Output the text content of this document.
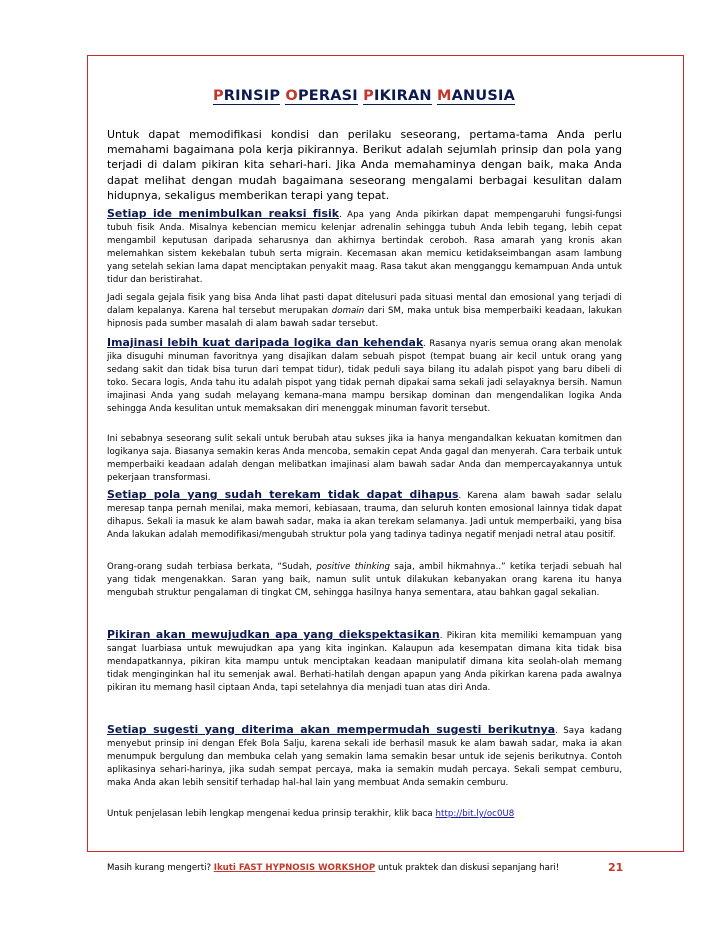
PRINSIP OPERASI PIKIRAN MANUSIA
Untuk dapat memodifikasi kondisi dan perilaku seseorang, pertama-tama Anda perlu memahami bagaimana pola kerja pikirannya. Berikut adalah sejumlah prinsip dan pola yang terjadi di dalam pikiran kita sehari-hari. Jika Anda memahaminya dengan baik, maka Anda dapat melihat dengan mudah bagaimana seseorang mengalami berbagai kesulitan dalam hidupnya, sekaligus memberikan terapi yang tepat.
Setiap ide menimbulkan reaksi fisik. Apa yang Anda pikirkan dapat mempengaruhi fungsi-fungsi tubuh fisik Anda. Misalnya kebencian memicu kelenjar adrenalin sehingga tubuh Anda lebih tegang, lebih cepat mengambil keputusan daripada seharusnya dan akhirnya bertindak ceroboh. Rasa amarah yang kronis akan melemahkan sistem kekebalan tubuh serta migrain. Kecemasan akan memicu ketidakseimbangan asam lambung yang setelah sekian lama dapat menciptakan penyakit maag. Rasa takut akan mengganggu kemampuan Anda untuk tidur dan beristirahat.
Jadi segala gejala fisik yang bisa Anda lihat pasti dapat ditelusuri pada situasi mental dan emosional yang terjadi di dalam kepalanya. Karena hal tersebut merupakan domain dari SM, maka untuk bisa memperbaiki keadaan, lakukan hipnosis pada sumber masalah di alam bawah sadar tersebut.
Imajinasi lebih kuat daripada logika dan kehendak. Rasanya nyaris semua orang akan menolak jika disuguhi minuman favoritnya yang disajikan dalam sebuah pispot (tempat buang air kecil untuk orang yang sedang sakit dan tidak bisa turun dari tempat tidur), tidak peduli saya bilang itu adalah pispot yang baru dibeli di toko. Secara logis, Anda tahu itu adalah pispot yang tidak pernah dipakai sama sekali jadi selayaknya bersih. Namun imajinasi Anda yang sudah melayang kemana-mana mampu bersikap dominan dan mengendalikan logika Anda sehingga Anda kesulitan untuk memaksakan diri menenggak minuman favorit tersebut.
Ini sebabnya seseorang sulit sekali untuk berubah atau sukses jika ia hanya mengandalkan kekuatan komitmen dan logikanya saja. Biasanya semakin keras Anda mencoba, semakin cepat Anda gagal dan menyerah. Cara terbaik untuk memperbaiki keadaan adalah dengan melibatkan imajinasi alam bawah sadar Anda dan mempercayakannya untuk pekerjaan transformasi.
Setiap pola yang sudah terekam tidak dapat dihapus. Karena alam bawah sadar selalu meresap tanpa pernah menilai, maka memori, kebiasaan, trauma, dan seluruh konten emosional lainnya tidak dapat dihapus. Sekali ia masuk ke alam bawah sadar, maka ia akan terekam selamanya. Jadi untuk memperbaiki, yang bisa Anda lakukan adalah memodifikasi/mengubah struktur pola yang tadinya tadinya negatif menjadi netral atau positif.
Orang-orang sudah terbiasa berkata, “Sudah, positive thinking saja, ambil hikmahnya..” ketika terjadi sebuah hal yang tidak mengenakkan. Saran yang baik, namun sulit untuk dilakukan kebanyakan orang karena itu hanya mengubah struktur pengalaman di tingkat CM, sehingga hasilnya hanya sementara, atau bahkan gagal sekalian.
Pikiran akan mewujudkan apa yang diekspektasikan. Pikiran kita memiliki kemampuan yang sangat luarbiasa untuk mewujudkan apa yang kita inginkan. Kalaupun ada kesempatan dimana kita tidak bisa mendapatkannya, pikiran kita mampu untuk menciptakan keadaan manipulatif dimana kita seolah-olah memang tidak menginginkan hal itu semenjak awal. Berhati-hatilah dengan apapun yang Anda pikirkan karena pada awalnya pikiran itu memang hasil ciptaan Anda, tapi setelahnya dia menjadi tuan atas diri Anda.
Setiap sugesti yang diterima akan mempermudah sugesti berikutnya. Saya kadang menyebut prinsip ini dengan Efek Bola Salju, karena sekali ide berhasil masuk ke alam bawah sadar, maka ia akan menumpuk bergulung dan membuka celah yang semakin lama semakin besar untuk ide sejenis berikutnya. Contoh aplikasinya sehari-harinya, jika sudah sempat percaya, maka ia semakin mudah percaya. Sekali sempat cemburu, maka Anda akan lebih sensitif terhadap hal-hal lain yang membuat Anda semakin cemburu.
Untuk penjelasan lebih lengkap mengenai kedua prinsip terakhir, klik baca http://bit.ly/oc0U8
Masih kurang mengerti? Ikuti FAST HYPNOSIS WORKSHOP untuk praktek dan diskusi sepanjang hari!	21
